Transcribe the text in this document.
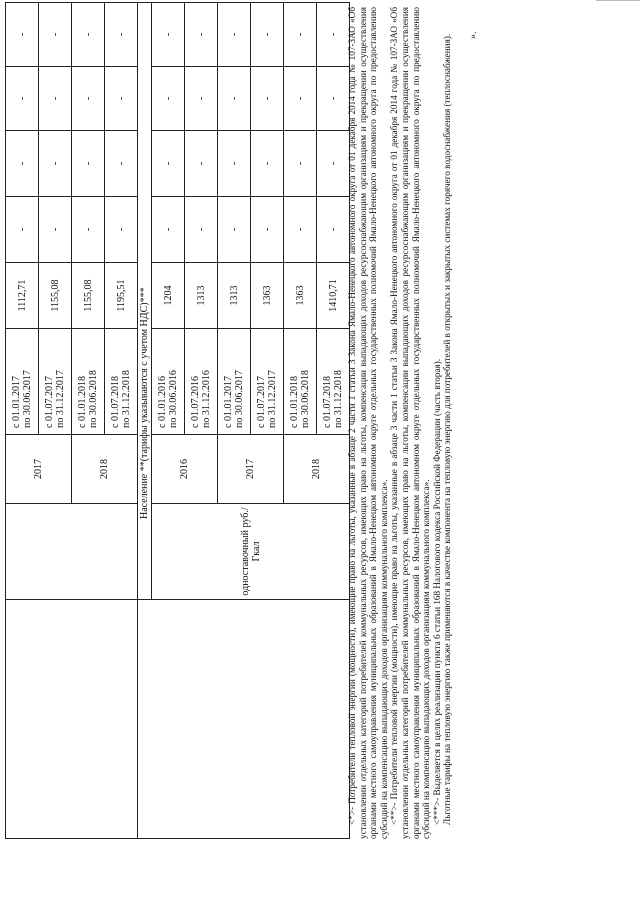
		2017	с 01.01.2017 по 30.06.2017	1112,71	-	-	-	-

			с 01.07.2017 по 31.12.2017	1155,08	-	-	-	-
		2018	с 01.01.2018 по 30.06.2018	1155,08	-	-	-	-

			с 01.07.2018 по 31.12.2018	1195,51	-	-	-	-
	Население **(тарифы указываются с учетом НДС)***							
	одноставочный руб./Гкал	2016	с 01.01.2016 по 30.06.2016	1204	-	-	-	-

			с 01.07.2016 по 31.12.2016	1313	-	-	-	-
		2017	с 01.01.2017 по 30.06.2017	1313	-	-	-	-

			с 01.07.2017 по 31.12.2017	1363	-	-	-	-
		2018	с 01.01.2018 по 30.06.2018	1363	-	-	-	-

			с 01.07.2018 по 31.12.2018	1410,71	-	-	-	- <*>- Потребители тепловой энергии (мощности), имеющие право на льготы, указанные в абзаце 2 части 1 статьи 3 Закона Ямало-Ненецкого автономного округа от 01 декабря 2014 года № 107-ЗАО «Об установлении отдельных категорий потребителей коммунальных ресурсов, имеющих право на льготы, компенсации выпадающих доходов ресурсоснабжающим организациям и прекращении осуществления органами местного самоуправления муниципальных образований в Ямало-Ненецком автономном округе отдельных государственных полномочий Ямало-Ненецкого автономного округа по предоставлению субсидий на компенсацию выпадающих доходов организациям коммунального комплекса». <**>- Потребители тепловой энергии (мощности), имеющие право на льготы, указанные в абзаце 3 части 1 статьи 3 Закона Ямало-Ненецкого автономного округа от 01 декабря 2014 года № 107-ЗАО «Об установлении отдельных категорий потребителей коммунальных ресурсов, имеющих право на льготы, компенсации выпадающих доходов ресурсоснабжающим организациям и прекращении осуществления органами местного самоуправления муниципальных образований в Ямало-Ненецком автономном округе отдельных государственных полномочий Ямало-Ненецкого автономного округа по предоставлению субсидий на компенсацию выпадающих доходов организациям коммунального комплекса». <***>- Выделяется в целях реализации пункта 6 статьи 168 Налогового кодекса Российской Федерации (часть вторая). Льготные тарифы на тепловую энергию также применяются в качестве компонента на тепловую энергию для потребителей в открытых и закрытых системах горячего водоснабжения (теплоснабжения). ».
